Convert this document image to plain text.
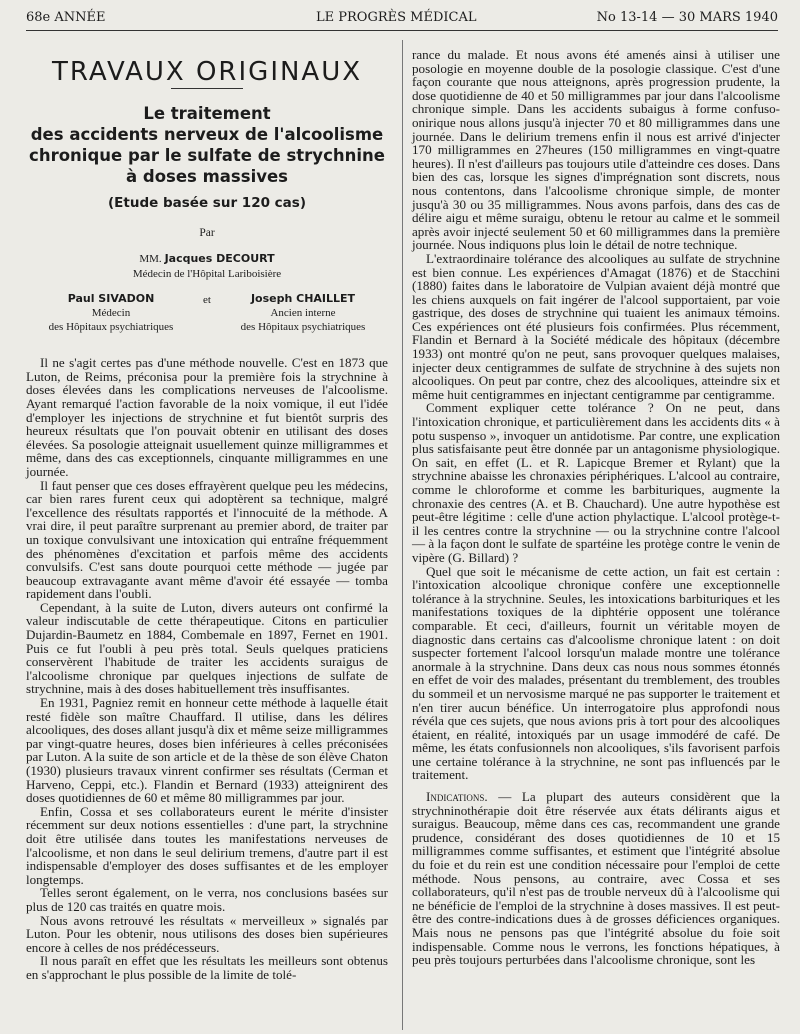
68e ANNÉE	LE PROGRÈS MÉDICAL	No 13-14 — 30 MARS 1940
TRAVAUX ORIGINAUX
Le traitement
des accidents nerveux de l'alcoolisme
chronique par le sulfate de strychnine
à doses massives
(Etude basée sur 120 cas)
Par
MM. Jacques DECOURT
Médecin de l'Hôpital Lariboisière
Paul SIVADON
Médecin
des Hôpitaux psychiatriques
et	Joseph CHAILLET
Ancien interne
des Hôpitaux psychiatriques

Il ne s'agit certes pas d'une méthode nouvelle. C'est en 1873 que Luton, de Reims, préconisa pour la première fois la strychnine à doses élevées dans les complications nerveuses de l'alcoolisme. Ayant remarqué l'action favorable de la noix vomique, il eut l'idée d'employer les injections de strychnine et fut bientôt surpris des heureux résultats que l'on pouvait obtenir en utilisant des doses élevées. Sa posologie atteignait usuellement quinze milligrammes et même, dans des cas exceptionnels, cinquante milligrammes en une journée.

Il faut penser que ces doses effrayèrent quelque peu les médecins, car bien rares furent ceux qui adoptèrent sa technique, malgré l'excellence des résultats rapportés et l'innocuité de la méthode. A vrai dire, il peut paraître surprenant au premier abord, de traiter par un toxique convulsivant une intoxication qui entraîne fréquemment des phénomènes d'excitation et parfois même des accidents convulsifs. C'est sans doute pourquoi cette méthode — jugée par beaucoup extravagante avant même d'avoir été essayée — tomba rapidement dans l'oubli.

Cependant, à la suite de Luton, divers auteurs ont confirmé la valeur indiscutable de cette thérapeutique. Citons en particulier Dujardin-Baumetz en 1884, Combemale en 1897, Fernet en 1901. Puis ce fut l'oubli à peu près total. Seuls quelques praticiens conservèrent l'habitude de traiter les accidents suraigus de l'alcoolisme chronique par quelques injections de sulfate de strychnine, mais à des doses habituellement très insuffisantes.

En 1931, Pagniez remit en honneur cette méthode à laquelle était resté fidèle son maître Chauffard. Il utilise, dans les délires alcooliques, des doses allant jusqu'à dix et même seize milligrammes par vingt-quatre heures, doses bien inférieures à celles préconisées par Luton. A la suite de son article et de la thèse de son élève Chaton (1930) plusieurs travaux vinrent confirmer ses résultats (Cerman et Harveno, Ceppi, etc.). Flandin et Bernard (1933) atteignirent des doses quotidiennes de 60 et même 80 milligrammes par jour.

Enfin, Cossa et ses collaborateurs eurent le mérite d'insister récemment sur deux notions essentielles : d'une part, la strychnine doit être utilisée dans toutes les manifestations nerveuses de l'alcoolisme, et non dans le seul delirium tremens, d'autre part il est indispensable d'employer des doses suffisantes et de les employer longtemps.

Telles seront également, on le verra, nos conclusions basées sur plus de 120 cas traités en quatre mois.

Nous avons retrouvé les résultats « merveilleux » signalés par Luton. Pour les obtenir, nous utilisons des doses bien supérieures encore à celles de nos prédécesseurs.

Il nous paraît en effet que les résultats les meilleurs sont obtenus en s'approchant le plus possible de la limite de tolé-

rance du malade. Et nous avons été amenés ainsi à utiliser une posologie en moyenne double de la posologie classique. C'est d'une façon courante que nous atteignons, après progression prudente, la dose quotidienne de 40 et 50 milligrammes par jour dans l'alcoolisme chronique simple. Dans les accidents subaigus à forme confuso-onirique nous allons jusqu'à injecter 70 et 80 milligrammes dans une journée. Dans le delirium tremens enfin il nous est arrivé d'injecter 170 milligrammes en 27heures (150 milligrammes en vingt-quatre heures). Il n'est d'ailleurs pas toujours utile d'atteindre ces doses. Dans bien des cas, lorsque les signes d'imprégnation sont discrets, nous nous contentons, dans l'alcoolisme chronique simple, de monter jusqu'à 30 ou 35 milligrammes. Nous avons parfois, dans des cas de délire aigu et même suraigu, obtenu le retour au calme et le sommeil après avoir injecté seulement 50 et 60 milligrammes dans la première journée. Nous indiquons plus loin le détail de notre technique.

L'extraordinaire tolérance des alcooliques au sulfate de strychnine est bien connue. Les expériences d'Amagat (1876) et de Stacchini (1880) faites dans le laboratoire de Vulpian avaient déjà montré que les chiens auxquels on fait ingérer de l'alcool supportaient, par voie gastrique, des doses de strychnine qui tuaient les animaux témoins. Ces expériences ont été plusieurs fois confirmées. Plus récemment, Flandin et Bernard à la Société médicale des hôpitaux (décembre 1933) ont montré qu'on ne peut, sans provoquer quelques malaises, injecter deux centigrammes de sulfate de strychnine à des sujets non alcooliques. On peut par contre, chez des alcooliques, atteindre six et même huit centigrammes en injectant centigramme par centigramme.

Comment expliquer cette tolérance ? On ne peut, dans l'intoxication chronique, et particulièrement dans les accidents dits « à potu suspenso », invoquer un antidotisme. Par contre, une explication plus satisfaisante peut être donnée par un antagonisme physiologique. On sait, en effet (L. et R. Lapicque Bremer et Rylant) que la strychnine abaisse les chronaxies périphériques. L'alcool au contraire, comme le chloroforme et comme les barbituriques, augmente la chronaxie des centres (A. et B. Chauchard). Une autre hypothèse est peut-être légitime : celle d'une action phylactique. L'alcool protège-t-il les centres contre la strychnine — ou la strychnine contre l'alcool — à la façon dont le sulfate de spartéine les protège contre le venin de vipère (G. Billard) ?

Quel que soit le mécanisme de cette action, un fait est certain : l'intoxication alcoolique chronique confère une exceptionnelle tolérance à la strychnine. Seules, les intoxications barbituriques et les manifestations toxiques de la diphtérie opposent une tolérance comparable. Et ceci, d'ailleurs, fournit un véritable moyen de diagnostic dans certains cas d'alcoolisme chronique latent : on doit suspecter fortement l'alcool lorsqu'un malade montre une tolérance anormale à la strychnine. Dans deux cas nous nous sommes étonnés en effet de voir des malades, présentant du tremblement, des troubles du sommeil et un nervosisme marqué ne pas supporter le traitement et n'en tirer aucun bénéfice. Un interrogatoire plus approfondi nous révéla que ces sujets, que nous avions pris à tort pour des alcooliques étaient, en réalité, intoxiqués par un usage immodéré de café. De même, les états confusionnels non alcooliques, s'ils favorisent parfois une certaine tolérance à la strychnine, ne sont pas influencés par le traitement.

Indications. — La plupart des auteurs considèrent que la strychninothérapie doit être réservée aux états délirants aigus et suraigus. Beaucoup, même dans ces cas, recommandent une grande prudence, considérant des doses quotidiennes de 10 et 15 milligrammes comme suffisantes, et estiment que l'intégrité absolue du foie et du rein est une condition nécessaire pour l'emploi de cette méthode. Nous pensons, au contraire, avec Cossa et ses collaborateurs, qu'il n'est pas de trouble nerveux dû à l'alcoolisme qui ne bénéficie de l'emploi de la strychnine à doses massives. Il est peut-être des contre-indications dues à de grosses déficiences organiques. Mais nous ne pensons pas que l'intégrité absolue du foie soit indispensable. Comme nous le verrons, les fonctions hépatiques, à peu près toujours perturbées dans l'alcoolisme chronique, sont les
